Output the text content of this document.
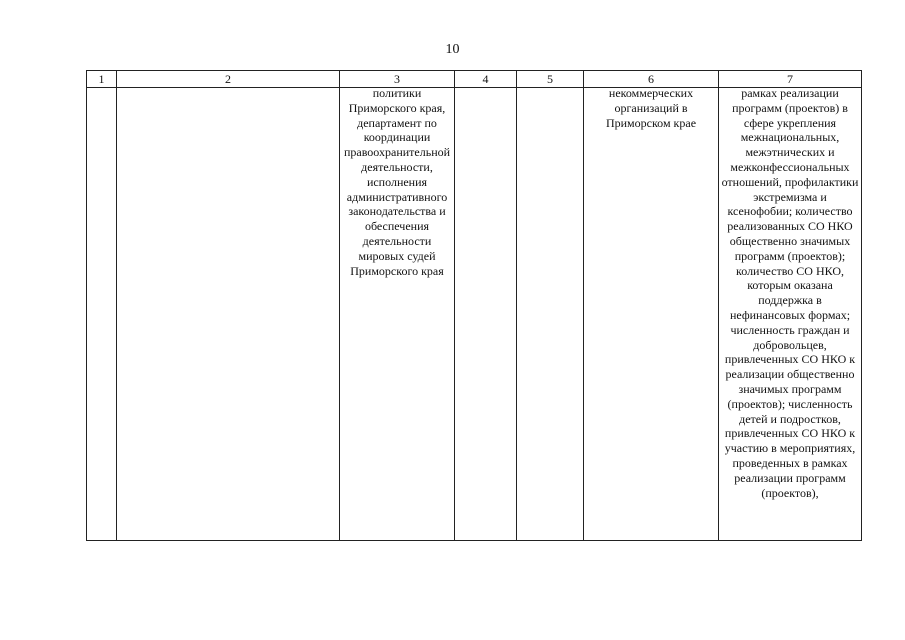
10
1	2	3	4	5	6	7

		политики Приморского края, департамент по координации правоохранительной деятельности, исполнения административного законодательства и обеспечения деятельности мировых судей Приморского края			некоммерческих организаций в Приморском крае	рамках реализации программ (проектов) в сфере укрепления межнациональных, межэтнических и межконфессиональных отношений, профилактики экстремизма и ксенофобии; количество реализованных СО НКО общественно значимых программ (проектов); количество СО НКО, которым оказана поддержка в нефинансовых формах; численность граждан и добровольцев, привлеченных СО НКО к реализации общественно значимых программ (проектов); численность детей и подростков, привлеченных СО НКО к участию в мероприятиях, проведенных в рамках реализации программ (проектов),
